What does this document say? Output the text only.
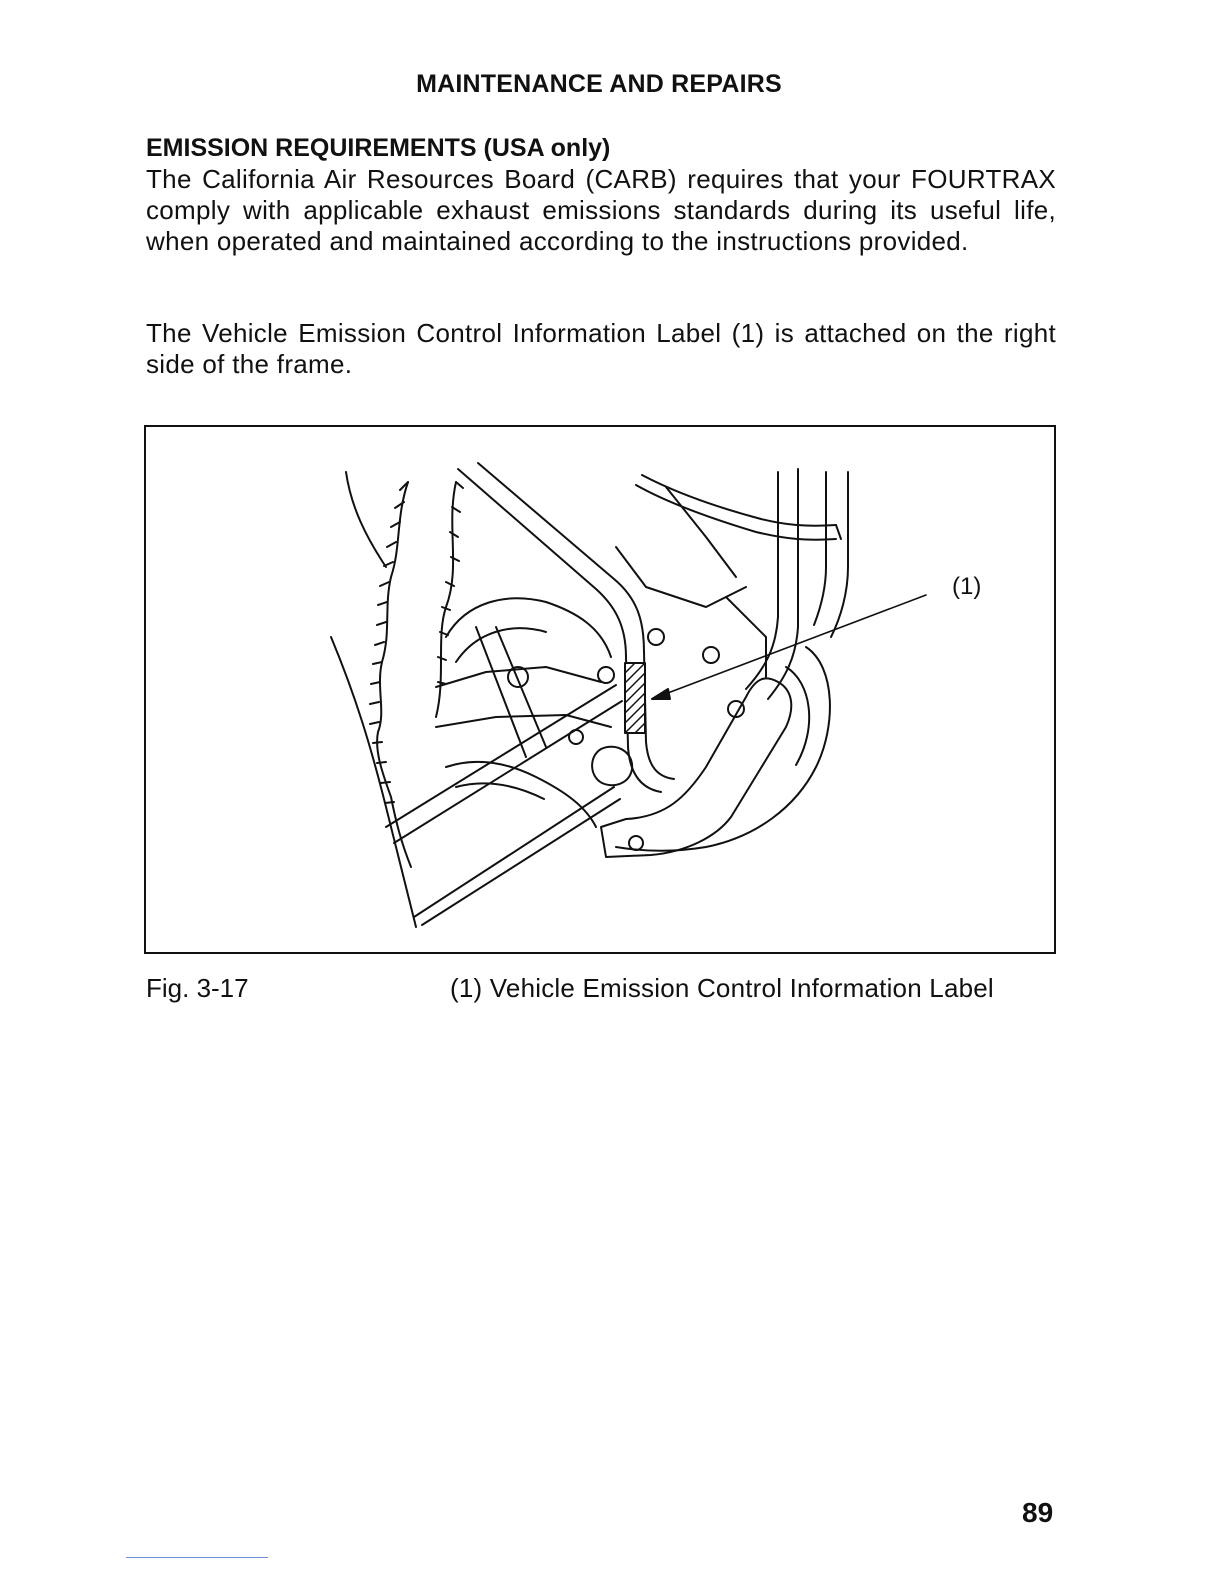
MAINTENANCE AND REPAIRS
EMISSION REQUIREMENTS (USA only)
The California Air Resources Board (CARB) requires that your FOURTRAX comply with applicable exhaust emissions standards during its useful life, when operated and maintained according to the instructions provided.
The Vehicle Emission Control Information Label (1) is attached on the right side of the frame.
(1)
Fig. 3-17	(1) Vehicle Emission Control Information Label
89
